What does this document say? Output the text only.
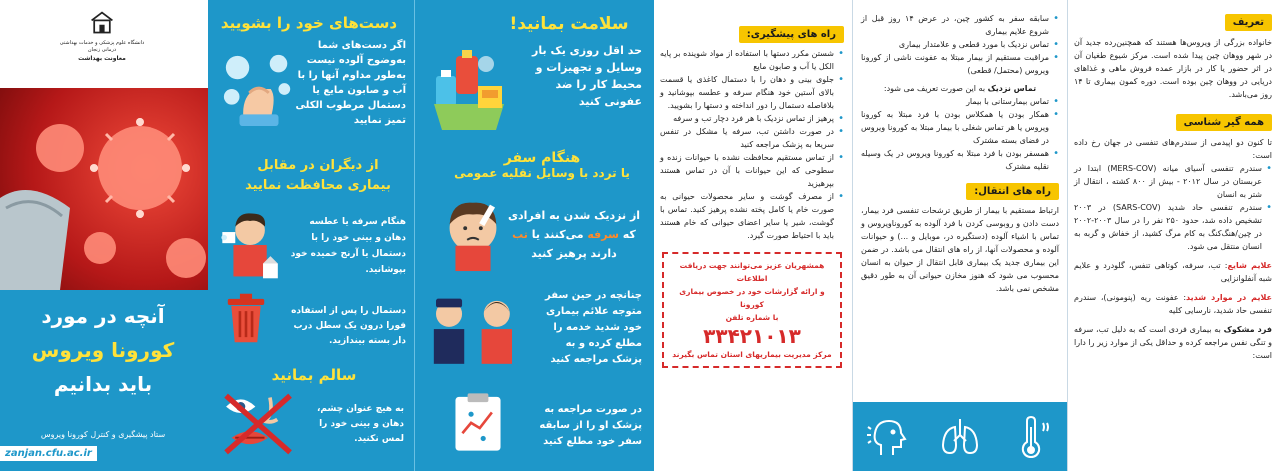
تعریف

خانواده بزرگی از ویروس‌ها هستند که همچنین‌رده جدید آن در شهر ووهان چین پیدا شده است. مرکز شیوع طغیان آن در اثر حضور یا کار در بازار عمده فروش ماهی و غذاهای دریایی در ووهان چین بوده است. دوره کمون بیماری تا ۱۴ روز می‌باشد.

همه گیر شناسی

تا کنون دو اپیدمی از سندرم‌های تنفسی در جهان رخ داده است:

• سندرم تنفسی آسیای میانه (MERS-COV) ابتدا در عربستان در سال ۲۰۱۲ - بیش از ۸۰۰ کشته ، انتقال از شتر به انسان
• سندرم تنفسی حاد شدید (SARS-COV) در ۲۰۰۳ تشخیص داده شد، حدود ۲۵۰ نفر را در سال ۲۰۰۳-۲۰۰۲ در چین/هنگ‌کنگ به کام مرگ کشید، از خفاش و گربه به انسان منتقل می شود.

علایم شایع: تب، سرفه، کوتاهی تنفس، گلودرد و علایم شبه آنفلوانزایی

علایم در موارد شدید: عفونت ریه (پنومونی)، سندرم تنفسی حاد شدید، نارسایی کلیه

فرد مشکوک به بیماری فردی است که به دلیل تب، سرفه و تنگی نفس مراجعه کرده و حداقل یکی از موارد زیر را دارا است:

• سابقه سفر به کشور چین، در عرض ۱۴ روز قبل از شروع علایم بیماری
• تماس نزدیک با مورد قطعی و علامتدار بیماری
• مراقبت مستقیم از بیمار مبتلا به عفونت ناشی از کورونا ویروس (محتمل/ قطعی)

تماس نزدیک به این صورت تعریف می شود:

• تماس بیمارستانی با بیمار
• همکار بودن یا همکلاس بودن با فرد مبتلا به کورونا ویروس یا هر تماس شغلی با بیمار مبتلا به کورونا ویروس در فضای بسته مشترک
• همسفر بودن با فرد مبتلا به کورونا ویروس در یک وسیله نقلیه مشترک
راه های انتقال:

ارتباط مستقیم با بیمار از طریق ترشحات تنفسی فرد بیمار، دست دادن و روبوسی کردن با فرد آلوده به کوروناویروس و تماس با اشیاء آلوده (دستگیره در، موبایل و ...) و حیوانات آلوده و محصولات آنها، از راه های انتقال می باشد. در ضمن این بیماری جدید یک بیماری قابل انتقال از حیوان به انسان محسوب می شود که هنوز مخازن حیوانی آن به طور دقیق مشخص نمی باشد.

راه های پیشگیری:
• شستن مکرر دستها با استفاده از مواد شوینده بر پایه الکل یا آب و صابون مایع
• جلوی بینی و دهان را با دستمال کاغذی یا قسمت بالای آستین خود هنگام سرفه و عطسه بپوشانید و بلافاصله دستمال را دور انداخته و دستها را بشویید.
• پرهیز از تماس نزدیک با هر فرد دچار تب و سرفه
• در صورت داشتن تب، سرفه یا مشکل در تنفس سریعا به پزشک مراجعه کنید
• از تماس مستقیم محافظت نشده با حیوانات زنده و سطوحی که این حیوانات با آن در تماس هستند بپرهیزید
• از مصرف گوشت و سایر محصولات حیوانی به صورت خام یا کامل پخته نشده پرهیز کنید. تماس با گوشت، شیر یا سایر اعضای حیوانی که خام هستند باید با احتیاط صورت گیرد.

همشهریان عزیز می‌توانند جهت دریافت اطلاعات

و ارائه گزارشات خود در خصوص بیماری کورونا

با شماره تلفن

۳۳۴۲۱۰۱۳

مرکز مدیریت بیماریهای استان تماس بگیرند

سلامت بمانید!

حد اقل روزی یک بار وسایل و تجهیزات و محیط کار را ضد عفونی کنید

هنگام سفر
یا تردد با وسایل نقلیه عمومی

از نزدیک شدن به افرادی که سرفه می‌کنند یا تب دارند پرهیز کنید

چنانچه در حین سفر متوجه علائم بیماری خود شدید خدمه را مطلع کرده و به پزشک مراجعه کنید

در صورت مراجعه به پزشک او را از سابقه سفر خود مطلع کنید

دست‌های خود را بشویید

اگر دست‌های شما به‌وضوح آلوده نیست به‌طور مداوم آنها را با آب و صابون مایع یا دستمال مرطوب الکلی تمیز نمایید

از دیگران در مقابل بیماری محافظت نمایید

هنگام سرفه یا عطسه دهان و بینی خود را با دستمال یا آرنج خمیده خود بپوشانید.

دستمال را پس از استفاده فورا درون یک سطل درب دار بسته بیندازید.

سالم بمانید

به هیچ عنوان چشم، دهان و بینی خود را لمس نکنید.

دانشگاه علوم پزشکی و خدمات بهداشتی درمانی زنجان
معاونت بهداشت
آنچه در مورد
کورونا ویروس
باید بدانیم
ستاد پیشگیری و کنترل کورونا ویروس
zanjan.cfu.ac.ir
